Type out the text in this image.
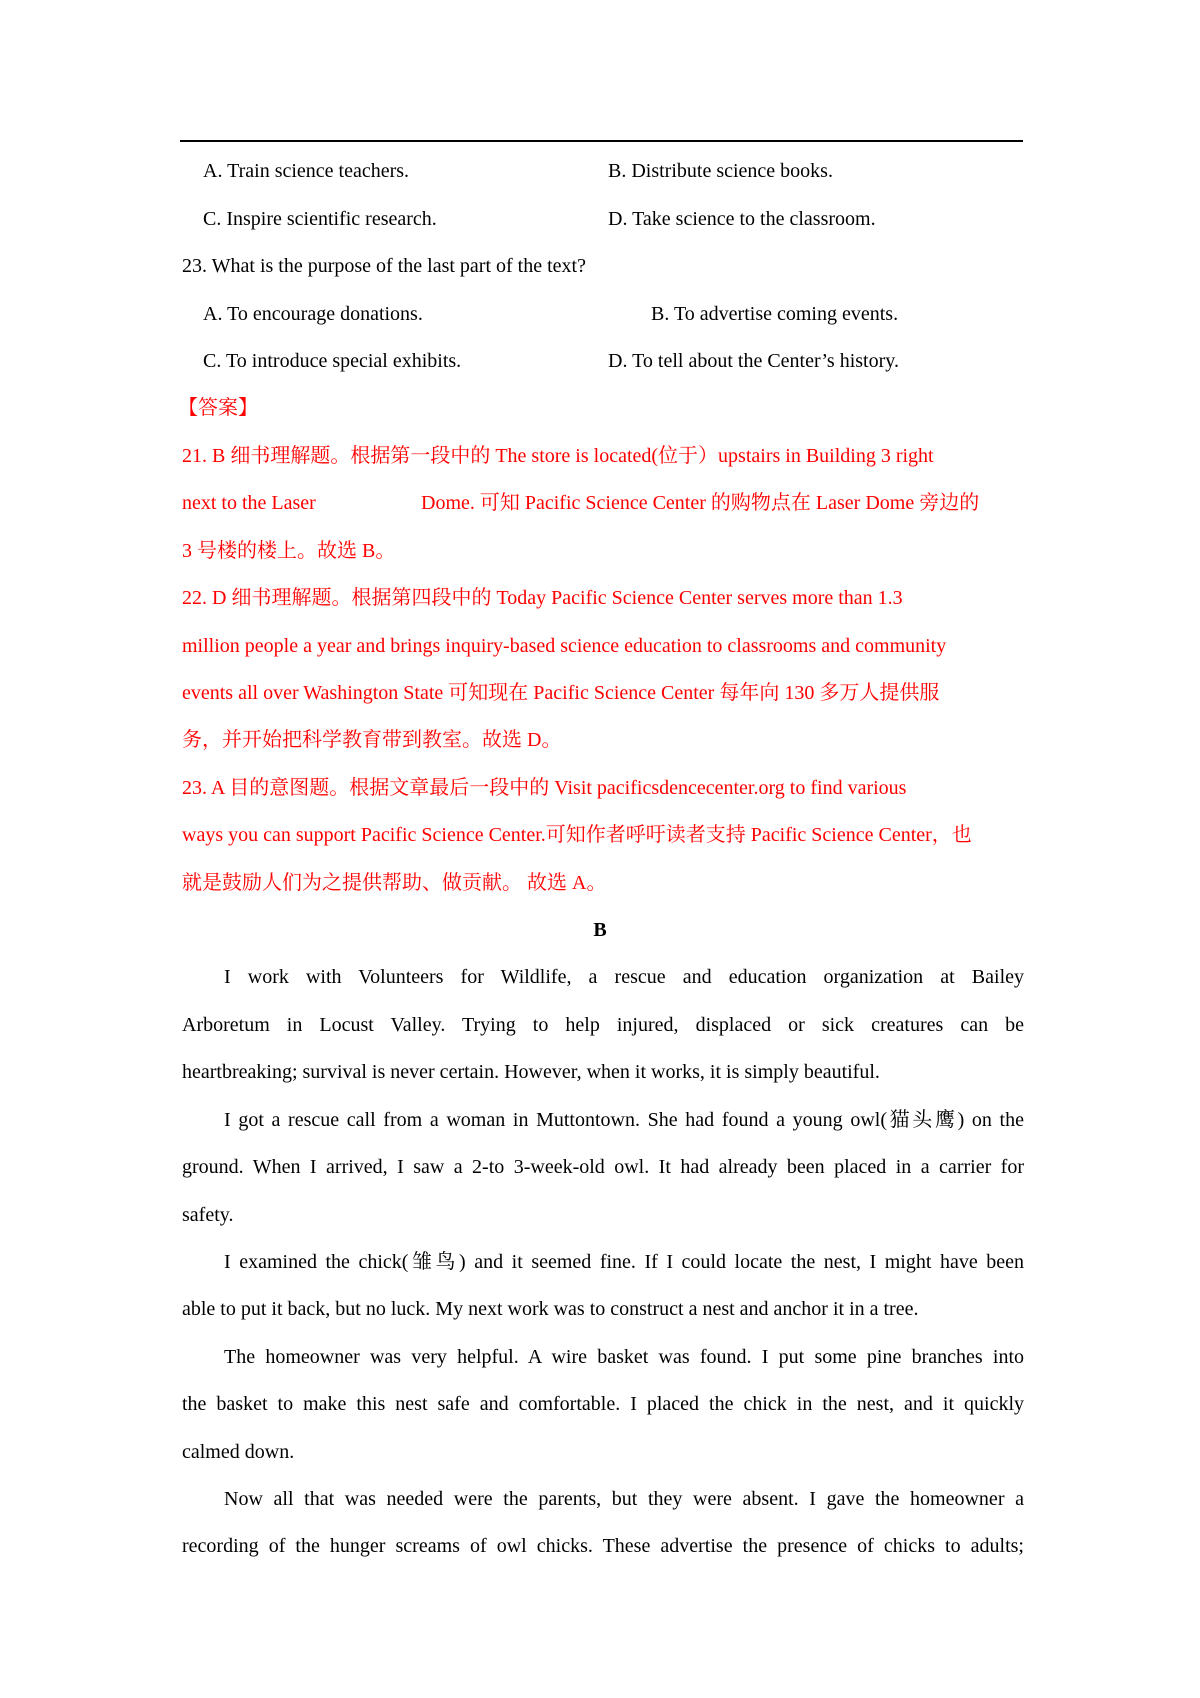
A. Train science teachers.	B. Distribute science books.
C. Inspire scientific research.	D. Take science to the classroom.
23. What is the purpose of the last part of the text?
A. To encourage donations.	B. To advertise coming events.
C. To introduce special exhibits.	D. To tell about the Center’s history.
【答案】
21. B 细书理解题。根据第一段中的 The store is located(位于）upstairs in Building 3 right
next to the Laser	Dome. 可知 Pacific Science Center 的购物点在 Laser Dome 旁边的
3 号楼的楼上。故选 B。
22. D 细书理解题。根据第四段中的 Today Pacific Science Center serves more than 1.3
million people a year and brings inquiry-based science education to classrooms and community
events all over Washington State 可知现在 Pacific Science Center 每年向 130 多万人提供服
务，并开始把科学教育带到教室。故选 D。
23. A 目的意图题。根据文章最后一段中的 Visit pacificsdencecenter.org to find various
ways you can support Pacific Science Center.可知作者呼吁读者支持 Pacific Science Center，也
就是鼓励人们为之提供帮助、做贡献。 故选 A。
B
I work with Volunteers for Wildlife, a rescue and education organization at Bailey
Arboretum in Locust Valley. Trying to help injured, displaced or sick creatures can be
heartbreaking; survival is never certain. However, when it works, it is simply beautiful.
I got a rescue call from a woman in Muttontown. She had found a young owl(猫头鹰) on the
ground. When I arrived, I saw a 2-to 3-week-old owl. It had already been placed in a carrier for
safety.
I examined the chick(雏鸟) and it seemed fine. If I could locate the nest, I might have been
able to put it back, but no luck. My next work was to construct a nest and anchor it in a tree.
The homeowner was very helpful. A wire basket was found. I put some pine branches into
the basket to make this nest safe and comfortable. I placed the chick in the nest, and it quickly
calmed down.
Now all that was needed were the parents, but they were absent. I gave the homeowner a
recording of the hunger screams of owl chicks. These advertise the presence of chicks to adults;
